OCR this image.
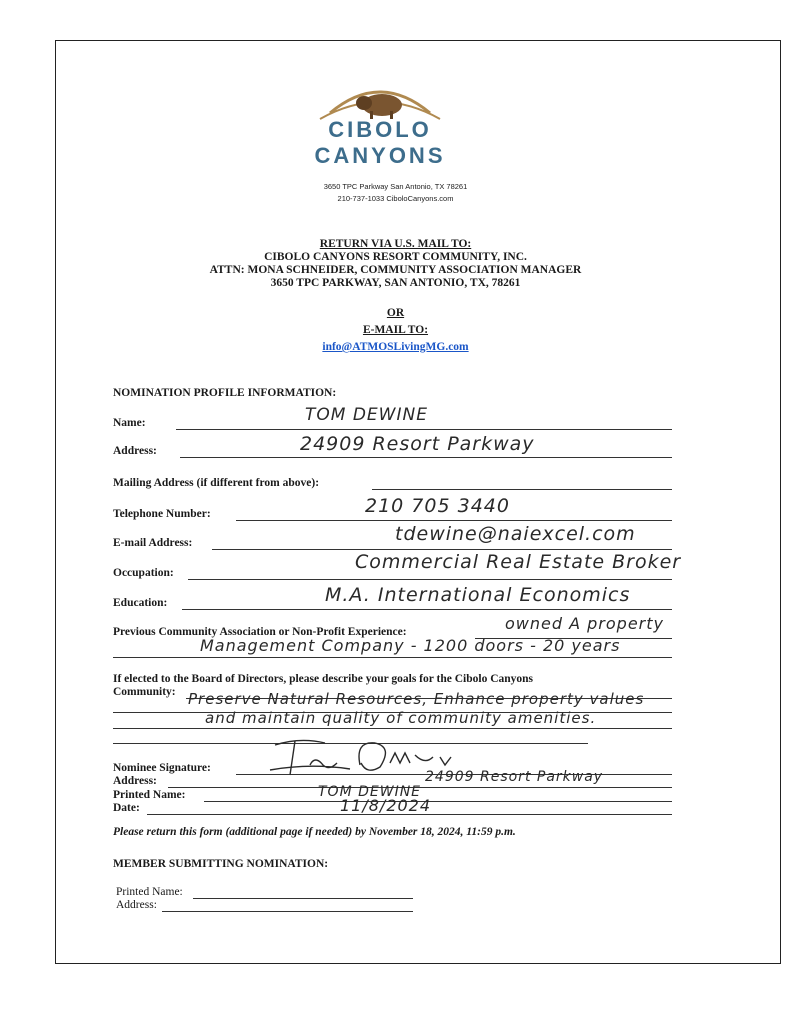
CIBOLO
CANYONS
3650 TPC Parkway San Antonio, TX 78261
210-737-1033 CiboloCanyons.com
RETURN VIA U.S. MAIL TO:
CIBOLO CANYONS RESORT COMMUNITY, INC.
ATTN: MONA SCHNEIDER, COMMUNITY ASSOCIATION MANAGER
3650 TPC PARKWAY, SAN ANTONIO, TX, 78261
OR
E-MAIL TO:
info@ATMOSLivingMG.com
NOMINATION PROFILE INFORMATION:
Name:	TOM DEWINE
Address:	24909 Resort Parkway
Mailing Address (if different from above):
Telephone Number:	210 705 3440
E-mail Address:	tdewine@naiexcel.com
Occupation:	Commercial Real Estate Broker
Education:	M.A. International Economics
Previous Community Association or Non-Profit Experience:	owned A property
Management Company - 1200 doors - 20 years
If elected to the Board of Directors, please describe your goals for the Cibolo Canyons
Community: Preserve Natural Resources, Enhance property values
and maintain quality of community amenities.
Nominee Signature:
Address:	24909 Resort Parkway
Printed Name:	TOM DEWINE
Date:	11/8/2024
Please return this form (additional page if needed) by November 18, 2024, 11:59 p.m.
MEMBER SUBMITTING NOMINATION:
Printed Name:
Address:
